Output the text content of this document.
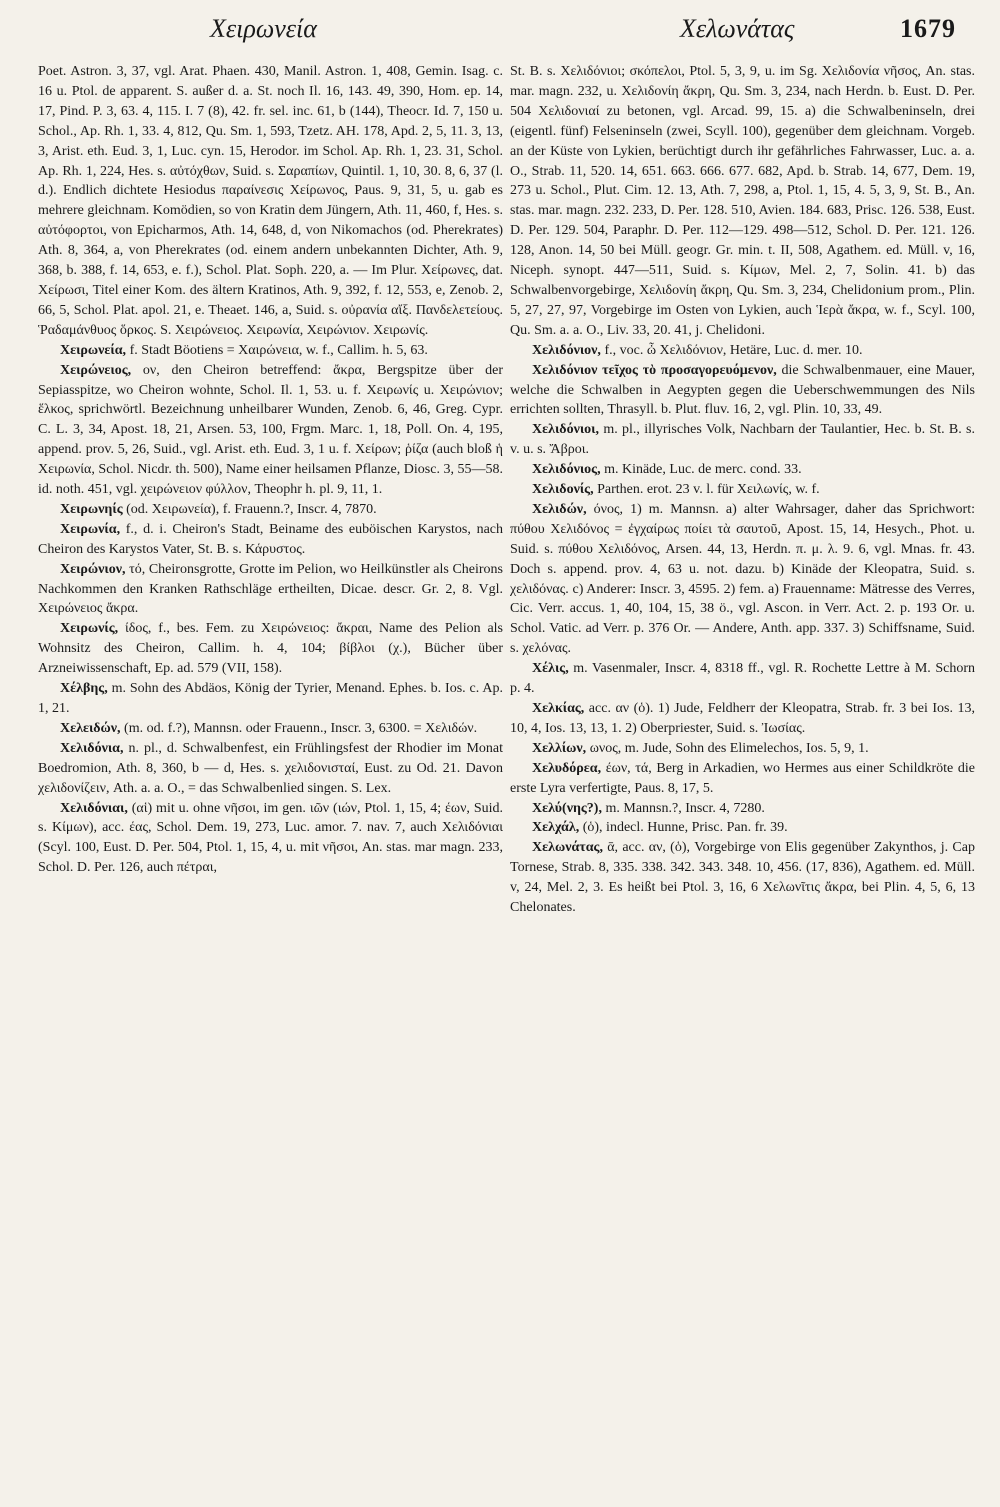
Χειρωνεία	Χελωνάτας	1679

Poet. Astron. 3, 37, vgl. Arat. Phaen. 430, Manil. Astron. 1, 408, Gemin. Isag. c. 16 u. Ptol. de apparent. S. außer d. a. St. noch Il. 16, 143. 49, 390, Hom. ep. 14, 17, Pind. P. 3, 63. 4, 115. I. 7 (8), 42. fr. sel. inc. 61, b (144), Theocr. Id. 7, 150 u. Schol., Ap. Rh. 1, 33. 4, 812, Qu. Sm. 1, 593, Tzetz. AH. 178, Apd. 2, 5, 11. 3, 13, 3, Arist. eth. Eud. 3, 1, Luc. cyn. 15, Herodor. im Schol. Ap. Rh. 1, 23. 31, Schol. Ap. Rh. 1, 224, Hes. s. αὐτόχθων, Suid. s. Σαραπίων, Quintil. 1, 10, 30. 8, 6, 37 (l. d.). Endlich dichtete Hesiodus παραίνεσις Χείρωνος, Paus. 9, 31, 5, u. gab es mehrere gleichnam. Komödien, so von Kratin dem Jüngern, Ath. 11, 460, f, Hes. s. αὐτόφορτοι, von Epicharmos, Ath. 14, 648, d, von Nikomachos (od. Pherekrates) Ath. 8, 364, a, von Pherekrates (od. einem andern unbekannten Dichter, Ath. 9, 368, b. 388, f. 14, 653, e. f.), Schol. Plat. Soph. 220, a. — Im Plur. Χείρωνες, dat. Χείρωσι, Titel einer Kom. des ältern Kratinos, Ath. 9, 392, f. 12, 553, e, Zenob. 2, 66, 5, Schol. Plat. apol. 21, e. Theaet. 146, a, Suid. s. οὐρανία αἴξ. Πανδελετείους. Ῥαδαμάνθυος ὅρκος. S. Χειρώνειος. Χειρωνία, Χειρώνιον. Χειρωνίς.

Χειρωνεία, f. Stadt Böotiens = Χαιρώνεια, w. f., Callim. h. 5, 63.

Χειρώνειος, ον, den Cheiron betreffend: ἄκρα, Bergspitze über der Sepiasspitze, wo Cheiron wohnte, Schol. Il. 1, 53. u. f. Χειρωνίς u. Χειρώνιον; ἕλκος, sprichwörtl. Bezeichnung unheilbarer Wunden, Zenob. 6, 46, Greg. Cypr. C. L. 3, 34, Apost. 18, 21, Arsen. 53, 100, Frgm. Marc. 1, 18, Poll. On. 4, 195, append. prov. 5, 26, Suid., vgl. Arist. eth. Eud. 3, 1 u. f. Χείρων; ῥίζα (auch bloß ἡ Χειρωνία, Schol. Nicdr. th. 500), Name einer heilsamen Pflanze, Diosc. 3, 55—58. id. noth. 451, vgl. χειρώνειον φύλλον, Theophr h. pl. 9, 11, 1.

Χειρωνηίς (od. Χειρωνεία), f. Frauenn.?, Inscr. 4, 7870.

Χειρωνία, f., d. i. Cheiron's Stadt, Beiname des euböischen Karystos, nach Cheiron des Karystos Vater, St. B. s. Κάρυστος.

Χειρώνιον, τό, Cheironsgrotte, Grotte im Pelion, wo Heilkünstler als Cheirons Nachkommen den Kranken Rathschläge ertheilten, Dicae. descr. Gr. 2, 8. Vgl. Χειρώνειος ἄκρα.

Χειρωνίς, ίδος, f., bes. Fem. zu Χειρώνειος: ἄκραι, Name des Pelion als Wohnsitz des Cheiron, Callim. h. 4, 104; βίβλοι (χ.), Bücher über Arzneiwissenschaft, Ep. ad. 579 (VII, 158).

Χέλβης, m. Sohn des Abdäos, König der Tyrier, Menand. Ephes. b. Ios. c. Ap. 1, 21.

Χελειδών, (m. od. f.?), Mannsn. oder Frauenn., Inscr. 3, 6300. = Χελιδών.

Χελιδόνια, n. pl., d. Schwalbenfest, ein Frühlingsfest der Rhodier im Monat Boedromion, Ath. 8, 360, b — d, Hes. s. χελιδονισταί, Eust. zu Od. 21. Davon χελιδονίζειν, Ath. a. a. O., = das Schwalbenlied singen. S. Lex.

Χελιδόνιαι, (αἱ) mit u. ohne νῆσοι, im gen. ιῶν (ιών, Ptol. 1, 15, 4; έων, Suid. s. Κίμων), acc. έας, Schol. Dem. 19, 273, Luc. amor. 7. nav. 7, auch Χελιδόνιαι (Scyl. 100, Eust. D. Per. 504, Ptol. 1, 15, 4, u. mit νῆσοι, An. stas. mar magn. 233, Schol. D. Per. 126, auch πέτραι,

St. B. s. Χελιδόνιοι; σκόπελοι, Ptol. 5, 3, 9, u. im Sg. Χελιδονία νῆσος, An. stas. mar. magn. 232, u. Χελιδονίη ἄκρη, Qu. Sm. 3, 234, nach Herdn. b. Eust. D. Per. 504 Χελιδονιαί zu betonen, vgl. Arcad. 99, 15. a) die Schwalbeninseln, drei (eigentl. fünf) Felseninseln (zwei, Scyll. 100), gegenüber dem gleichnam. Vorgeb. an der Küste von Lykien, berüchtigt durch ihr gefährliches Fahrwasser, Luc. a. a. O., Strab. 11, 520. 14, 651. 663. 666. 677. 682, Apd. b. Strab. 14, 677, Dem. 19, 273 u. Schol., Plut. Cim. 12. 13, Ath. 7, 298, a, Ptol. 1, 15, 4. 5, 3, 9, St. B., An. stas. mar. magn. 232. 233, D. Per. 128. 510, Avien. 184. 683, Prisc. 126. 538, Eust. D. Per. 129. 504, Paraphr. D. Per. 112—129. 498—512, Schol. D. Per. 121. 126. 128, Anon. 14, 50 bei Müll. geogr. Gr. min. t. II, 508, Agathem. ed. Müll. v, 16, Niceph. synopt. 447—511, Suid. s. Κίμων, Mel. 2, 7, Solin. 41. b) das Schwalbenvorgebirge, Χελιδονίη ἄκρη, Qu. Sm. 3, 234, Chelidonium prom., Plin. 5, 27, 27, 97, Vorgebirge im Osten von Lykien, auch Ἱερὰ ἄκρα, w. f., Scyl. 100, Qu. Sm. a. a. O., Liv. 33, 20. 41, j. Chelidoni.

Χελιδόνιον, f., voc. ὦ Χελιδόνιον, Hetäre, Luc. d. mer. 10.

Χελιδόνιον τεῖχος τὸ προσαγορευόμενον, die Schwalbenmauer, eine Mauer, welche die Schwalben in Aegypten gegen die Ueberschwemmungen des Nils errichten sollten, Thrasyll. b. Plut. fluv. 16, 2, vgl. Plin. 10, 33, 49.

Χελιδόνιοι, m. pl., illyrisches Volk, Nachbarn der Taulantier, Hec. b. St. B. s. v. u. s. Ἄβροι.

Χελιδόνιος, m. Kinäde, Luc. de merc. cond. 33.

Χελιδονίς, Parthen. erot. 23 v. l. für Χειλωνίς, w. f.

Χελιδών, όνος, 1) m. Mannsn. a) alter Wahrsager, daher das Sprichwort: πύθου Χελιδόνος = ἐγχαίρως ποίει τὰ σαυτοῦ, Apost. 15, 14, Hesych., Phot. u. Suid. s. πύθου Χελιδόνος, Arsen. 44, 13, Herdn. π. μ. λ. 9. 6, vgl. Mnas. fr. 43. Doch s. append. prov. 4, 63 u. not. dazu. b) Kinäde der Kleopatra, Suid. s. χελιδόνας. c) Anderer: Inscr. 3, 4595. 2) fem. a) Frauenname: Mätresse des Verres, Cic. Verr. accus. 1, 40, 104, 15, 38 ö., vgl. Ascon. in Verr. Act. 2. p. 193 Or. u. Schol. Vatic. ad Verr. p. 376 Or. — Andere, Anth. app. 337. 3) Schiffsname, Suid. s. χελόνας.

Χέλις, m. Vasenmaler, Inscr. 4, 8318 ff., vgl. R. Rochette Lettre à M. Schorn p. 4.

Χελκίας, acc. αν (ὁ). 1) Jude, Feldherr der Kleopatra, Strab. fr. 3 bei Ios. 13, 10, 4, Ios. 13, 13, 1. 2) Oberpriester, Suid. s. Ἰωσίας.

Χελλίων, ωνος, m. Jude, Sohn des Elimelechos, Ios. 5, 9, 1.

Χελυδόρεα, έων, τά, Berg in Arkadien, wo Hermes aus einer Schildkröte die erste Lyra verfertigte, Paus. 8, 17, 5.

Χελύ(νης?), m. Mannsn.?, Inscr. 4, 7280.

Χελχάλ, (ὁ), indecl. Hunne, Prisc. Pan. fr. 39.

Χελωνάτας, ᾱ, acc. αν, (ὁ), Vorgebirge von Elis gegenüber Zakynthos, j. Cap Tornese, Strab. 8, 335. 338. 342. 343. 348. 10, 456. (17, 836), Agathem. ed. Müll. v, 24, Mel. 2, 3. Es heißt bei Ptol. 3, 16, 6 Χελωνῖτις ἄκρα, bei Plin. 4, 5, 6, 13 Chelonates.
